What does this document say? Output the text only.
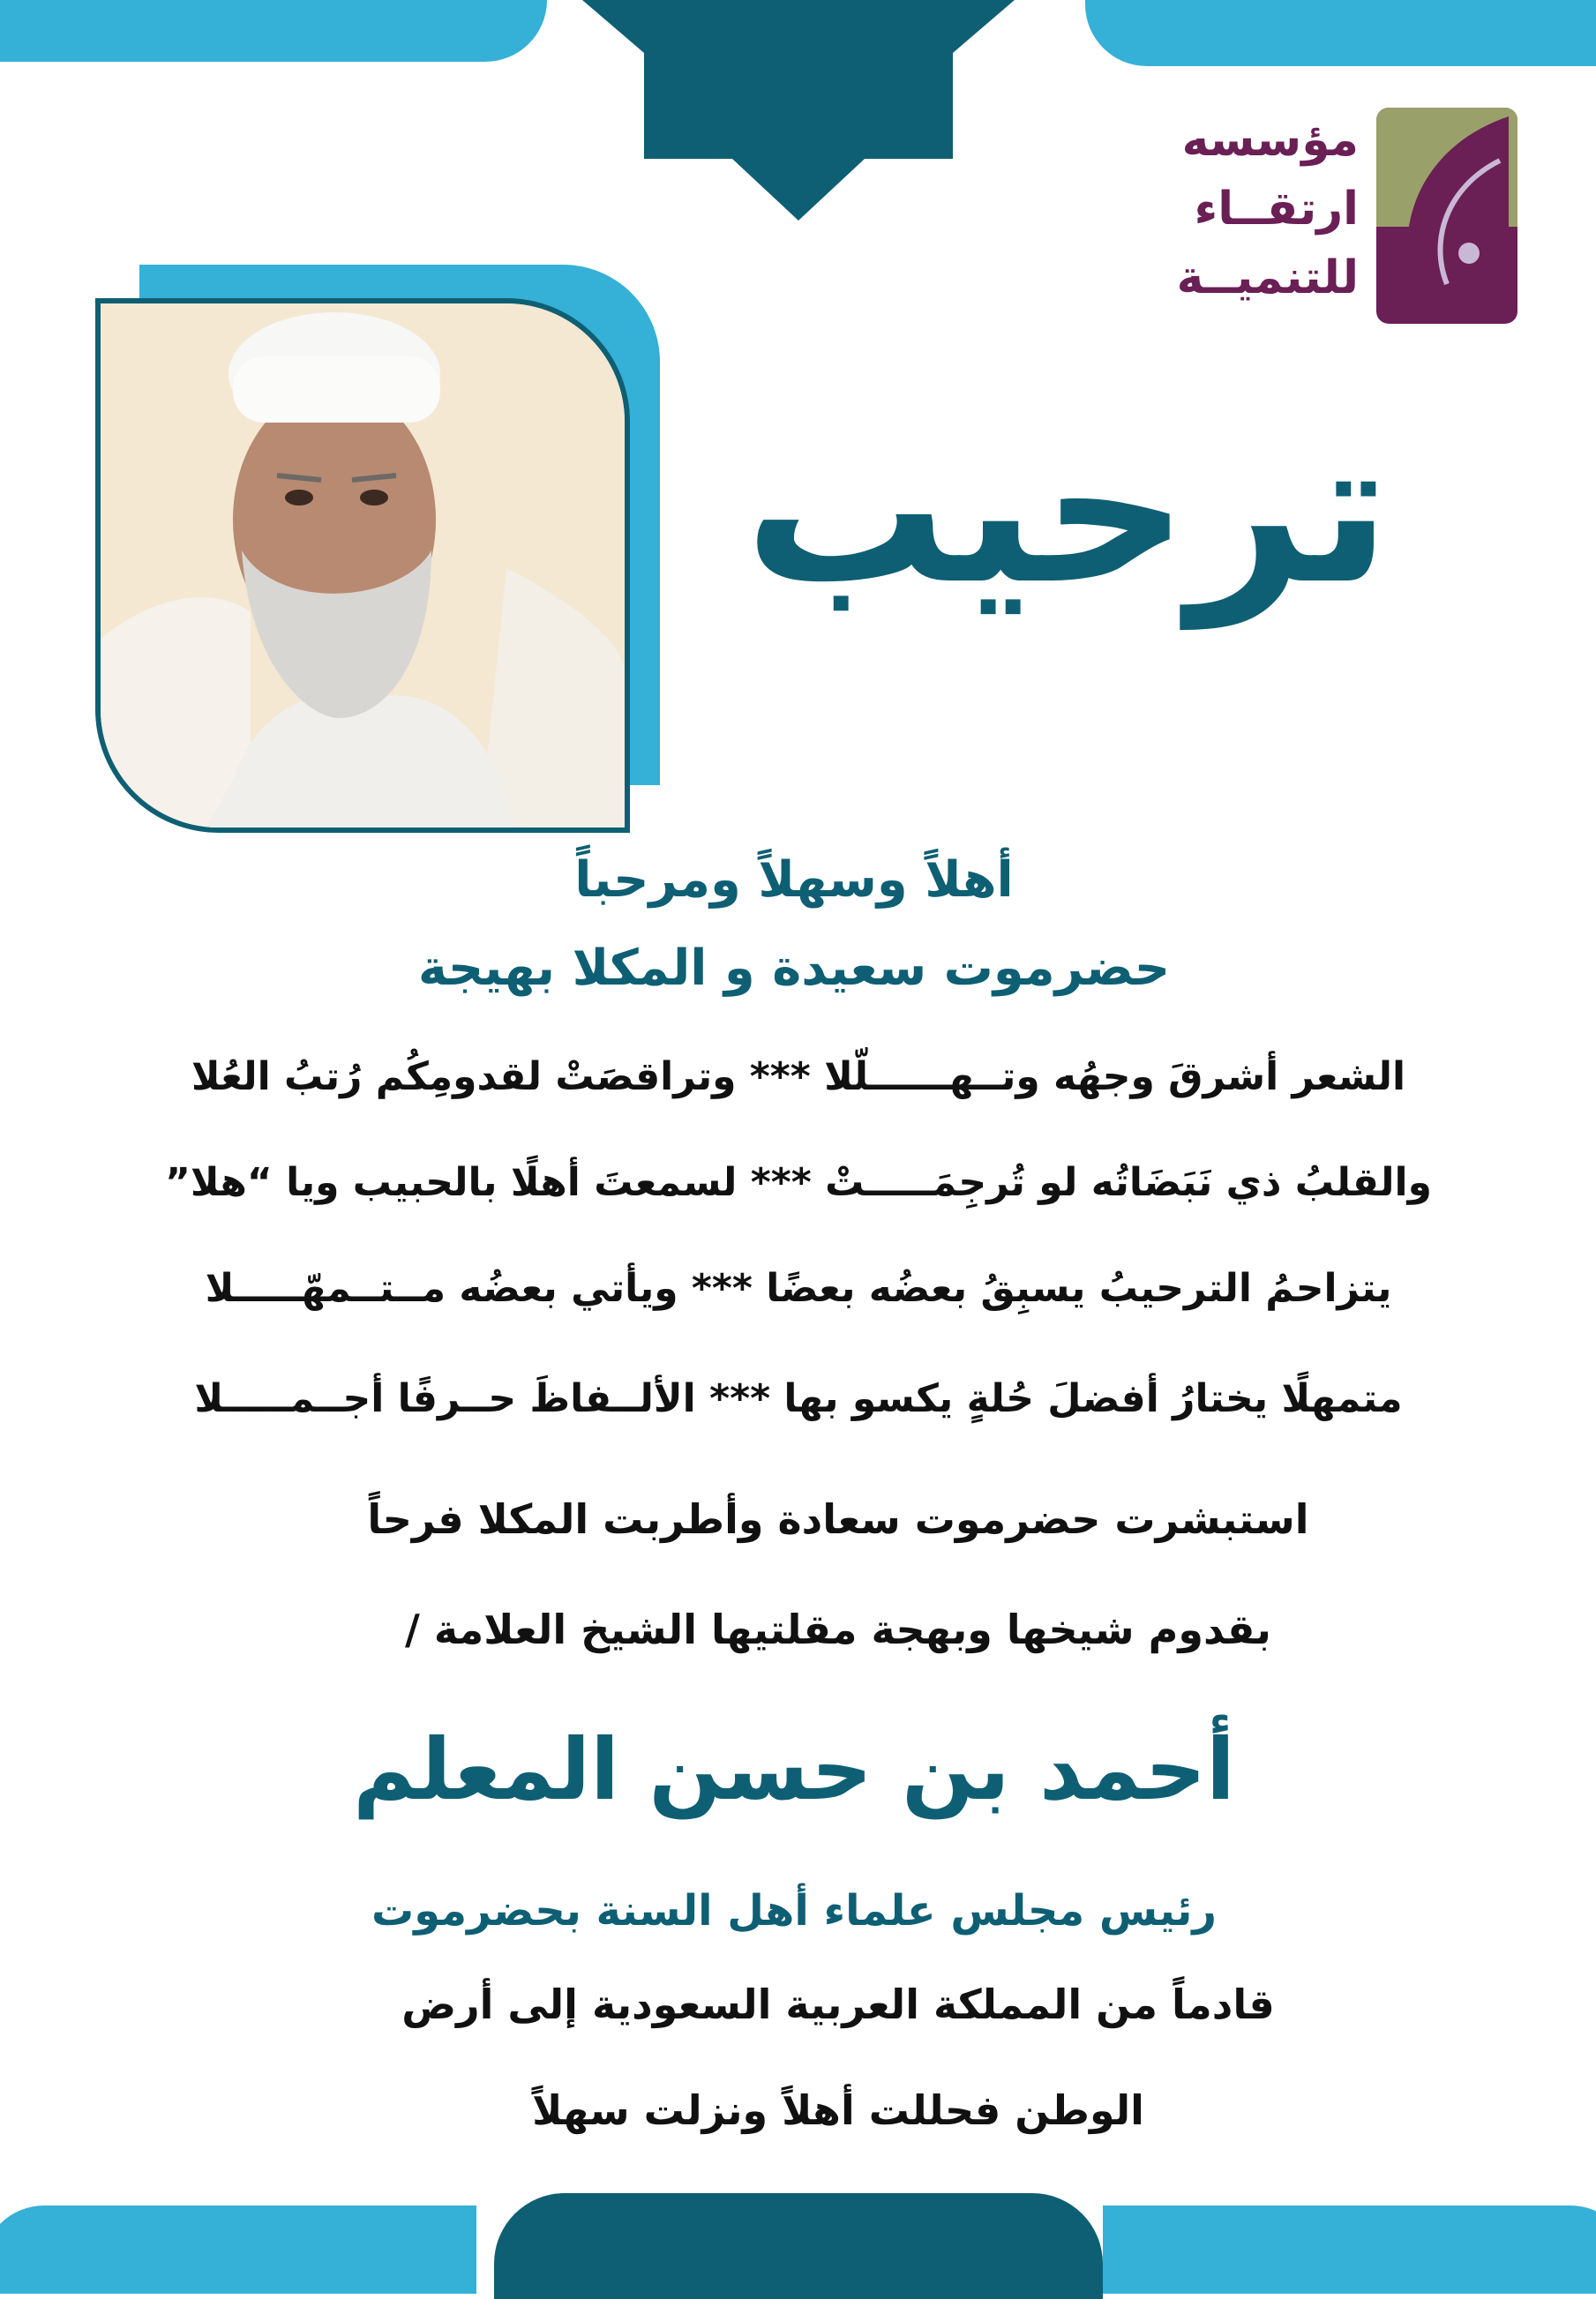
مؤسسه
ارتقــاء
للتنميــة
ترحيب
أهلاً وسهلاً ومرحباً
حضرموت سعيدة و المكلا بهيجة
الشعر أشرقَ وجهُه وتــهــــــلّلا *** وتراقصَتْ لقدومِكُم رُتبُ العُلا
والقلبُ ذي نَبَضَاتُه لو تُرجِمَـــــتْ *** لسمعتَ أهلًا بالحبيب ويا “هلا”
يتزاحمُ الترحيبُ يسبِقُ بعضُه بعضًا *** ويأتي بعضُه مــتــمهّـــــلا
متمهلًا يختارُ أفضلَ حُلةٍ يكسو بها *** الألــفاظَ حــرفًا أجــمـــــلا
استبشرت حضرموت سعادة وأطربت المكلا فرحاً
بقدوم شيخها وبهجة مقلتيها الشيخ العلامة /
أحمد بن حسن المعلم
رئيس مجلس علماء أهل السنة بحضرموت
قادماً من المملكة العربية السعودية إلى أرض
الوطن فحللت أهلاً ونزلت سهلاً
